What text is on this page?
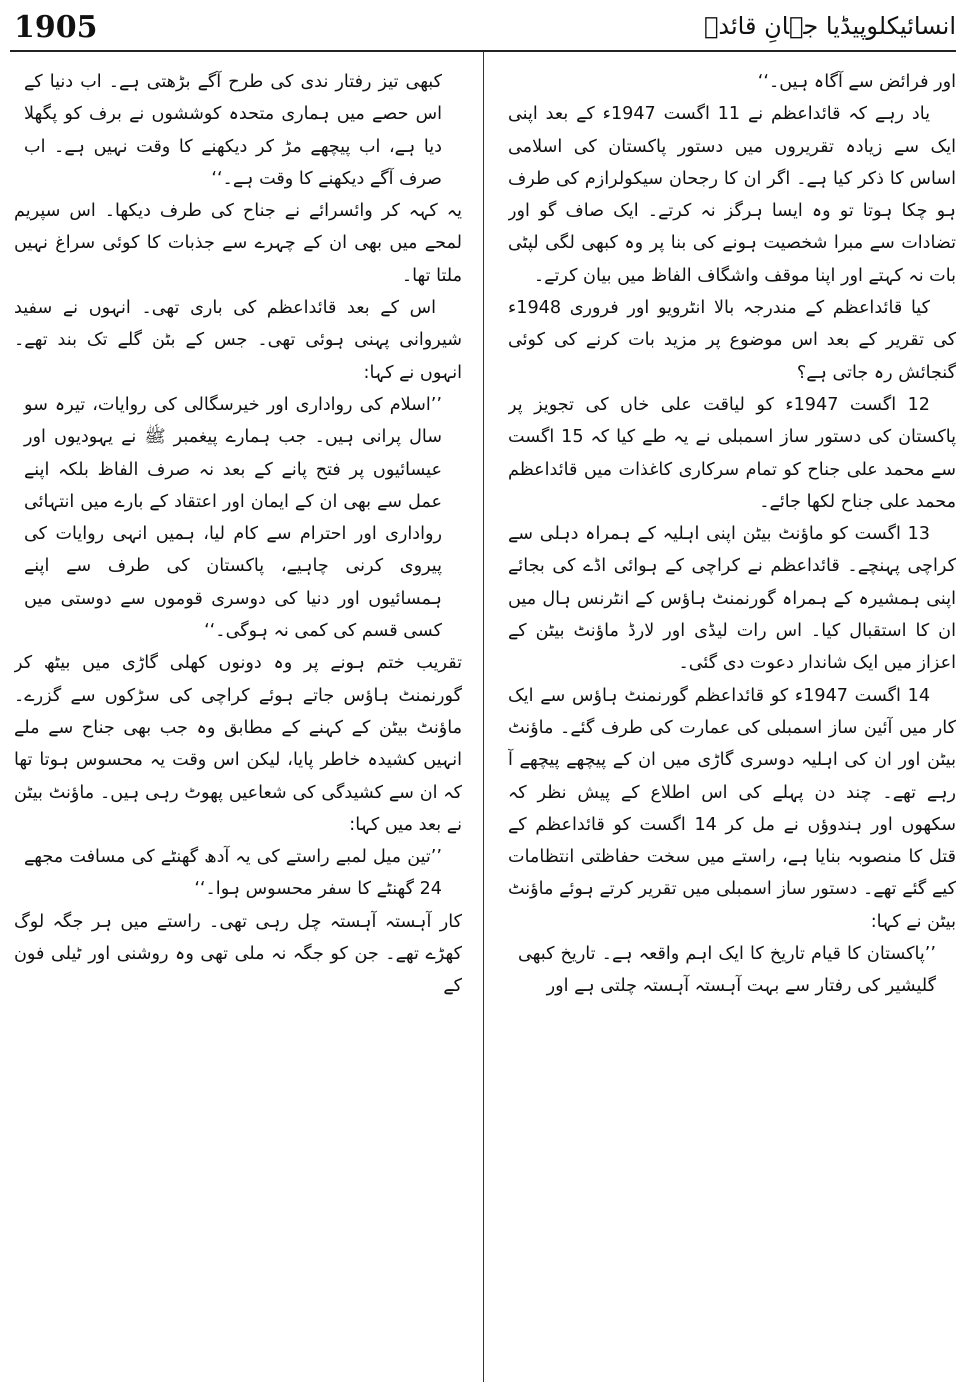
1905	انسائیکلوپیڈیا جہانِ قائدؒ

اور فرائض سے آگاہ ہیں۔‘‘

یاد رہے کہ قائداعظم نے 11 اگست 1947ء کے بعد اپنی ایک سے زیادہ تقریروں میں دستور پاکستان کی اسلامی اساس کا ذکر کیا ہے۔ اگر ان کا رجحان سیکولرازم کی طرف ہو چکا ہوتا تو وہ ایسا ہرگز نہ کرتے۔ ایک صاف گو اور تضادات سے مبرا شخصیت ہونے کی بنا پر وہ کبھی لگی لپٹی بات نہ کہتے اور اپنا موقف واشگاف الفاظ میں بیان کرتے۔

کیا قائداعظم کے مندرجہ بالا انٹرویو اور فروری 1948ء کی تقریر کے بعد اس موضوع پر مزید بات کرنے کی کوئی گنجائش رہ جاتی ہے؟

12 اگست 1947ء کو لیاقت علی خاں کی تجویز پر پاکستان کی دستور ساز اسمبلی نے یہ طے کیا کہ 15 اگست سے محمد علی جناح کو تمام سرکاری کاغذات میں قائداعظم محمد علی جناح لکھا جائے۔

13 اگست کو ماؤنٹ بیٹن اپنی اہلیہ کے ہمراہ دہلی سے کراچی پہنچے۔ قائداعظم نے کراچی کے ہوائی اڈے کی بجائے اپنی ہمشیرہ کے ہمراہ گورنمنٹ ہاؤس کے انٹرنس ہال میں ان کا استقبال کیا۔ اس رات لیڈی اور لارڈ ماؤنٹ بیٹن کے اعزاز میں ایک شاندار دعوت دی گئی۔

14 اگست 1947ء کو قائداعظم گورنمنٹ ہاؤس سے ایک کار میں آئین ساز اسمبلی کی عمارت کی طرف گئے۔ ماؤنٹ بیٹن اور ان کی اہلیہ دوسری گاڑی میں ان کے پیچھے پیچھے آ رہے تھے۔ چند دن پہلے کی اس اطلاع کے پیش نظر کہ سکھوں اور ہندوؤں نے مل کر 14 اگست کو قائداعظم کے قتل کا منصوبہ بنایا ہے، راستے میں سخت حفاظتی انتظامات کیے گئے تھے۔ دستور ساز اسمبلی میں تقریر کرتے ہوئے ماؤنٹ بیٹن نے کہا:

’’پاکستان کا قیام تاریخ کا ایک اہم واقعہ ہے۔ تاریخ کبھی گلیشیر کی رفتار سے بہت آہستہ آہستہ چلتی ہے اور

کبھی تیز رفتار ندی کی طرح آگے بڑھتی ہے۔ اب دنیا کے اس حصے میں ہماری متحدہ کوششوں نے برف کو پگھلا دیا ہے، اب پیچھے مڑ کر دیکھنے کا وقت نہیں ہے۔ اب صرف آگے دیکھنے کا وقت ہے۔‘‘

یہ کہہ کر وائسرائے نے جناح کی طرف دیکھا۔ اس سپریم لمحے میں بھی ان کے چہرے سے جذبات کا کوئی سراغ نہیں ملتا تھا۔

اس کے بعد قائداعظم کی باری تھی۔ انہوں نے سفید شیروانی پہنی ہوئی تھی۔ جس کے بٹن گلے تک بند تھے۔ انہوں نے کہا:

’’اسلام کی رواداری اور خیرسگالی کی روایات، تیرہ سو سال پرانی ہیں۔ جب ہمارے پیغمبر ﷺ نے یہودیوں اور عیسائیوں پر فتح پانے کے بعد نہ صرف الفاظ بلکہ اپنے عمل سے بھی ان کے ایمان اور اعتقاد کے بارے میں انتہائی رواداری اور احترام سے کام لیا، ہمیں انہی روایات کی پیروی کرنی چاہیے، پاکستان کی طرف سے اپنے ہمسائیوں اور دنیا کی دوسری قوموں سے دوستی میں کسی قسم کی کمی نہ ہوگی۔‘‘

تقریب ختم ہونے پر وہ دونوں کھلی گاڑی میں بیٹھ کر گورنمنٹ ہاؤس جاتے ہوئے کراچی کی سڑکوں سے گزرے۔ ماؤنٹ بیٹن کے کہنے کے مطابق وہ جب بھی جناح سے ملے انہیں کشیدہ خاطر پایا، لیکن اس وقت یہ محسوس ہوتا تھا کہ ان سے کشیدگی کی شعاعیں پھوٹ رہی ہیں۔ ماؤنٹ بیٹن نے بعد میں کہا:

’’تین میل لمبے راستے کی یہ آدھ گھنٹے کی مسافت مجھے 24 گھنٹے کا سفر محسوس ہوا۔‘‘

کار آہستہ آہستہ چل رہی تھی۔ راستے میں ہر جگہ لوگ کھڑے تھے۔ جن کو جگہ نہ ملی تھی وہ روشنی اور ٹیلی فون کے
